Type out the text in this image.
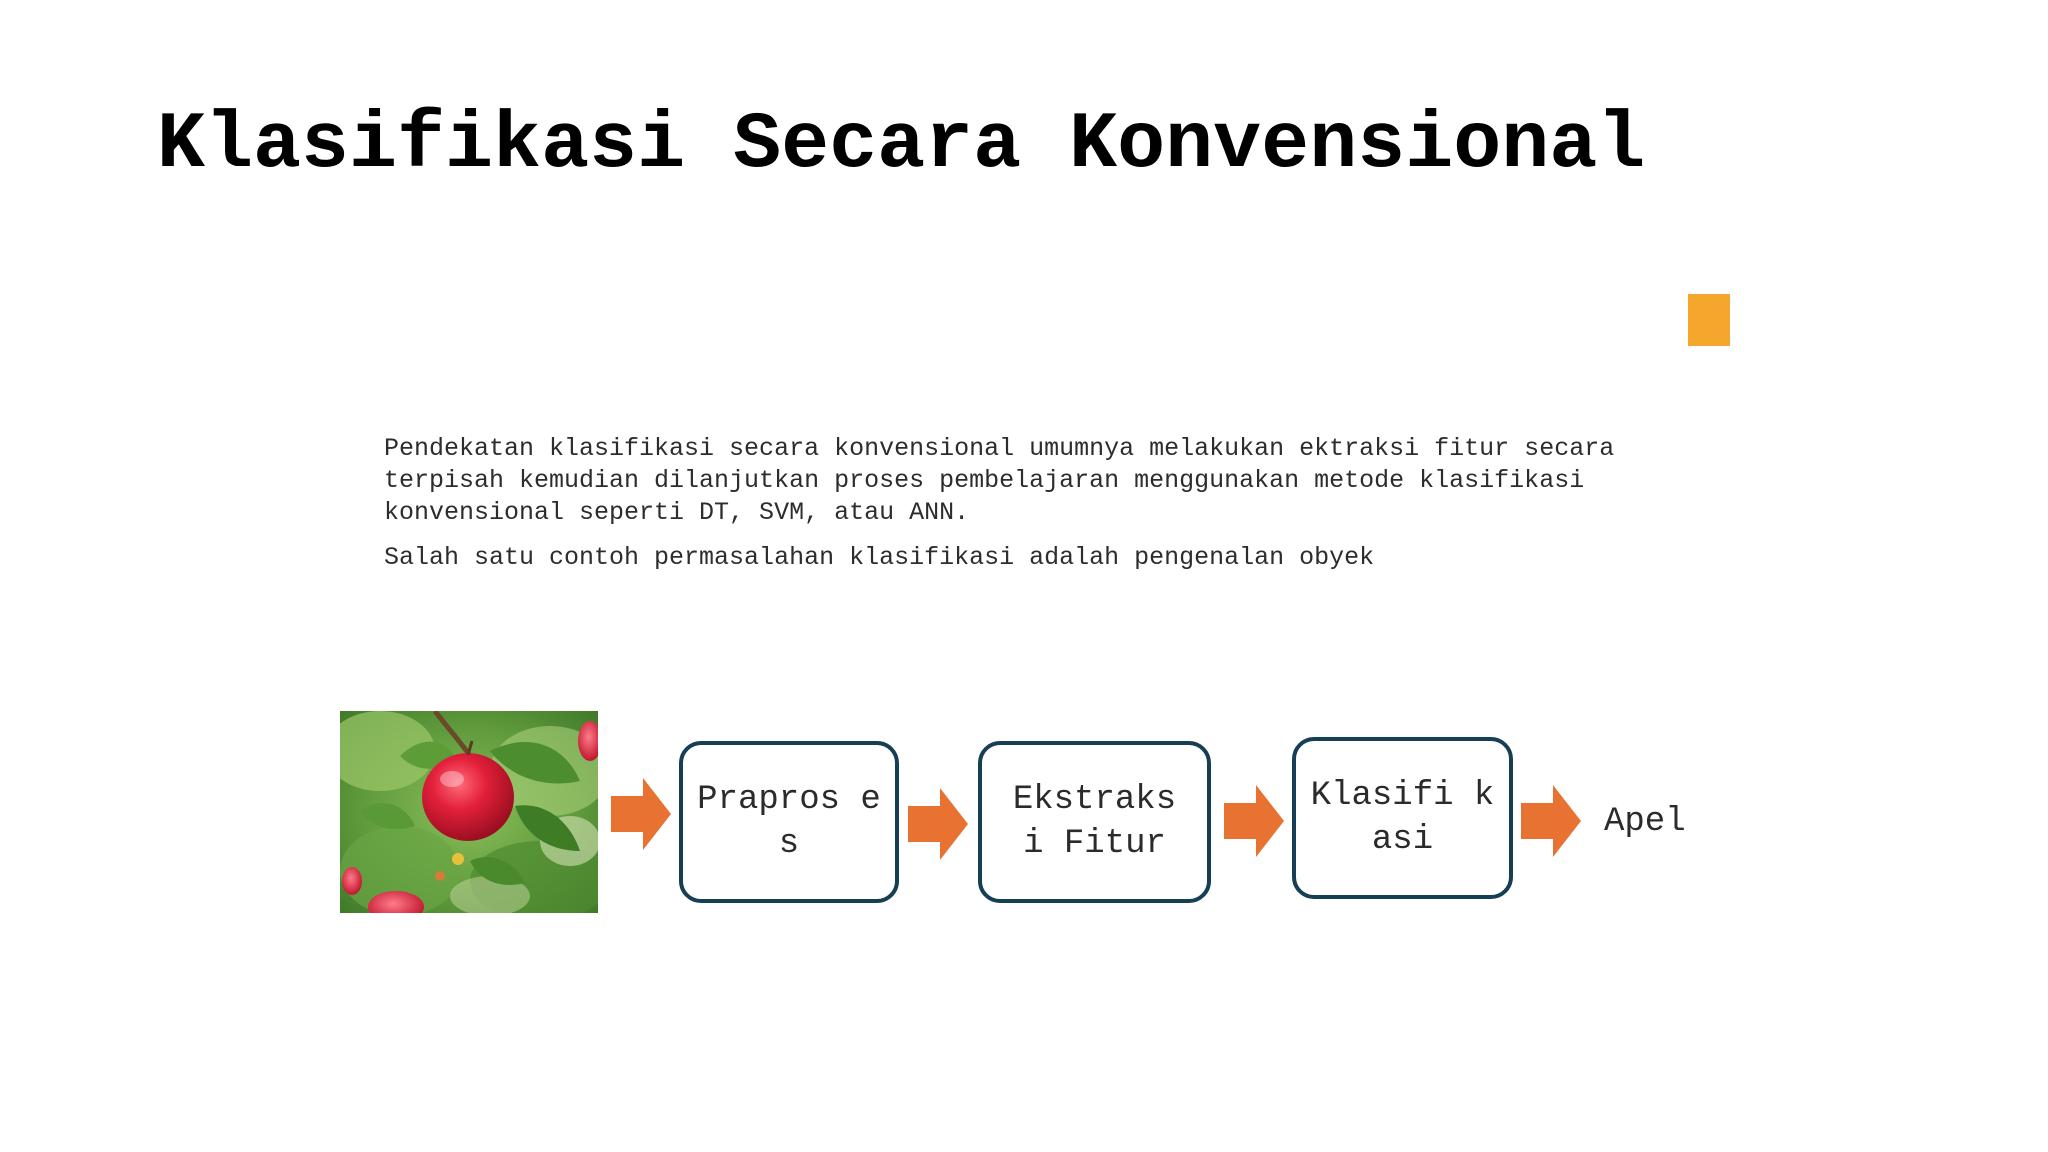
Klasifikasi Secara Konvensional

Pendekatan klasifikasi secara konvensional umumnya melakukan ektraksi fitur secara terpisah kemudian dilanjutkan proses pembelajaran menggunakan metode klasifikasi konvensional seperti DT, SVM, atau ANN.

Salah satu contoh permasalahan klasifikasi adalah pengenalan obyek

Prapros es
Ekstraks i Fitur
Klasifi kasi	Apel
